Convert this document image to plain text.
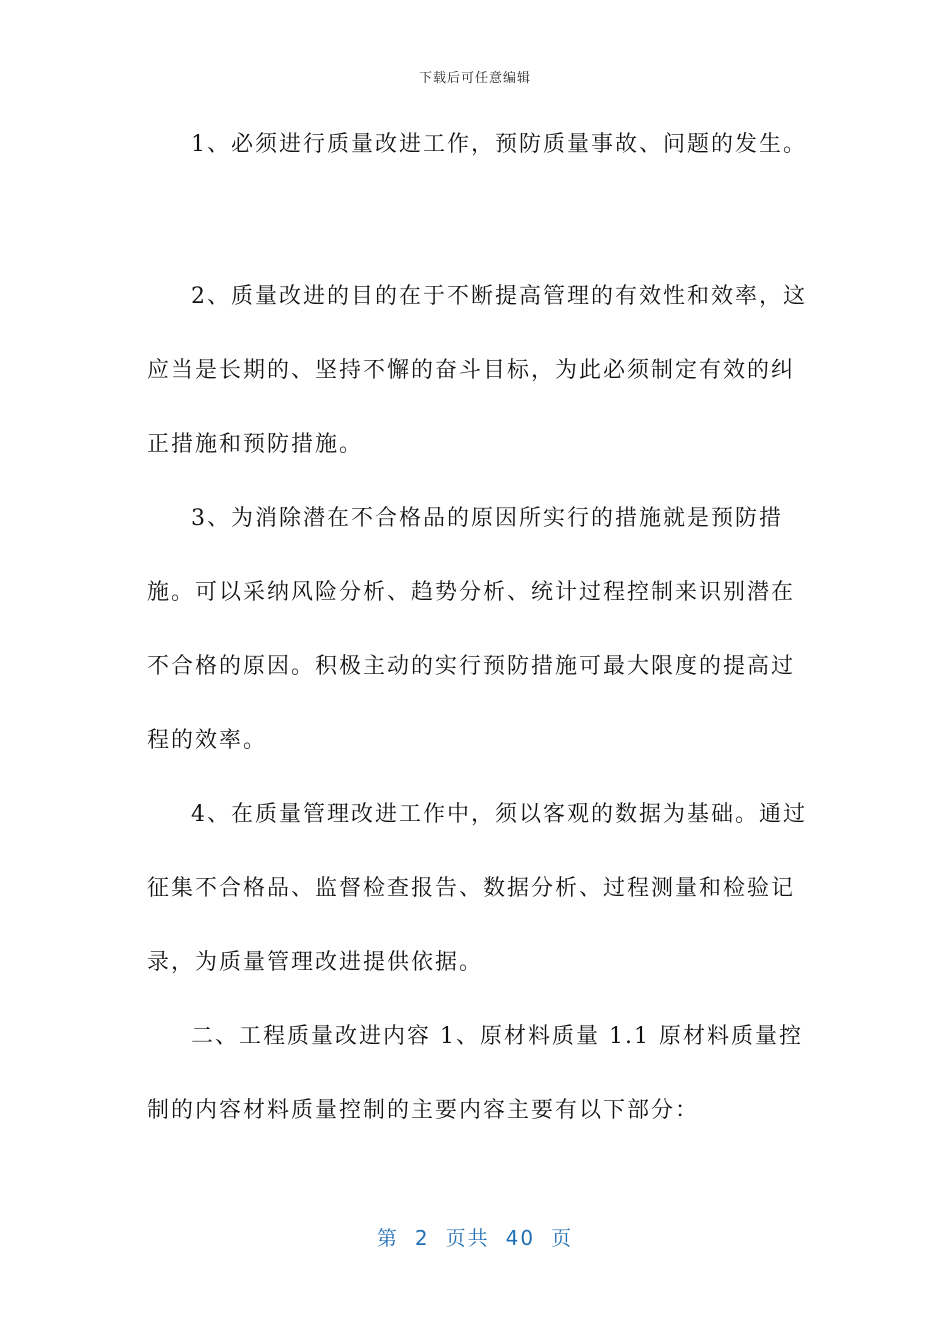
下载后可任意编辑

1、必须进行质量改进工作，预防质量事故、问题的发生。

2、质量改进的目的在于不断提高管理的有效性和效率，这应当是长期的、坚持不懈的奋斗目标，为此必须制定有效的纠正措施和预防措施。

3、为消除潜在不合格品的原因所实行的措施就是预防措施。可以采纳风险分析、趋势分析、统计过程控制来识别潜在不合格的原因。积极主动的实行预防措施可最大限度的提高过程的效率。

4、在质量管理改进工作中，须以客观的数据为基础。通过征集不合格品、监督检查报告、数据分析、过程测量和检验记录，为质量管理改进提供依据。

二、工程质量改进内容 1、原材料质量 1.1 原材料质量控制的内容材料质量控制的主要内容主要有以下部分：

第 2 页共 40 页
